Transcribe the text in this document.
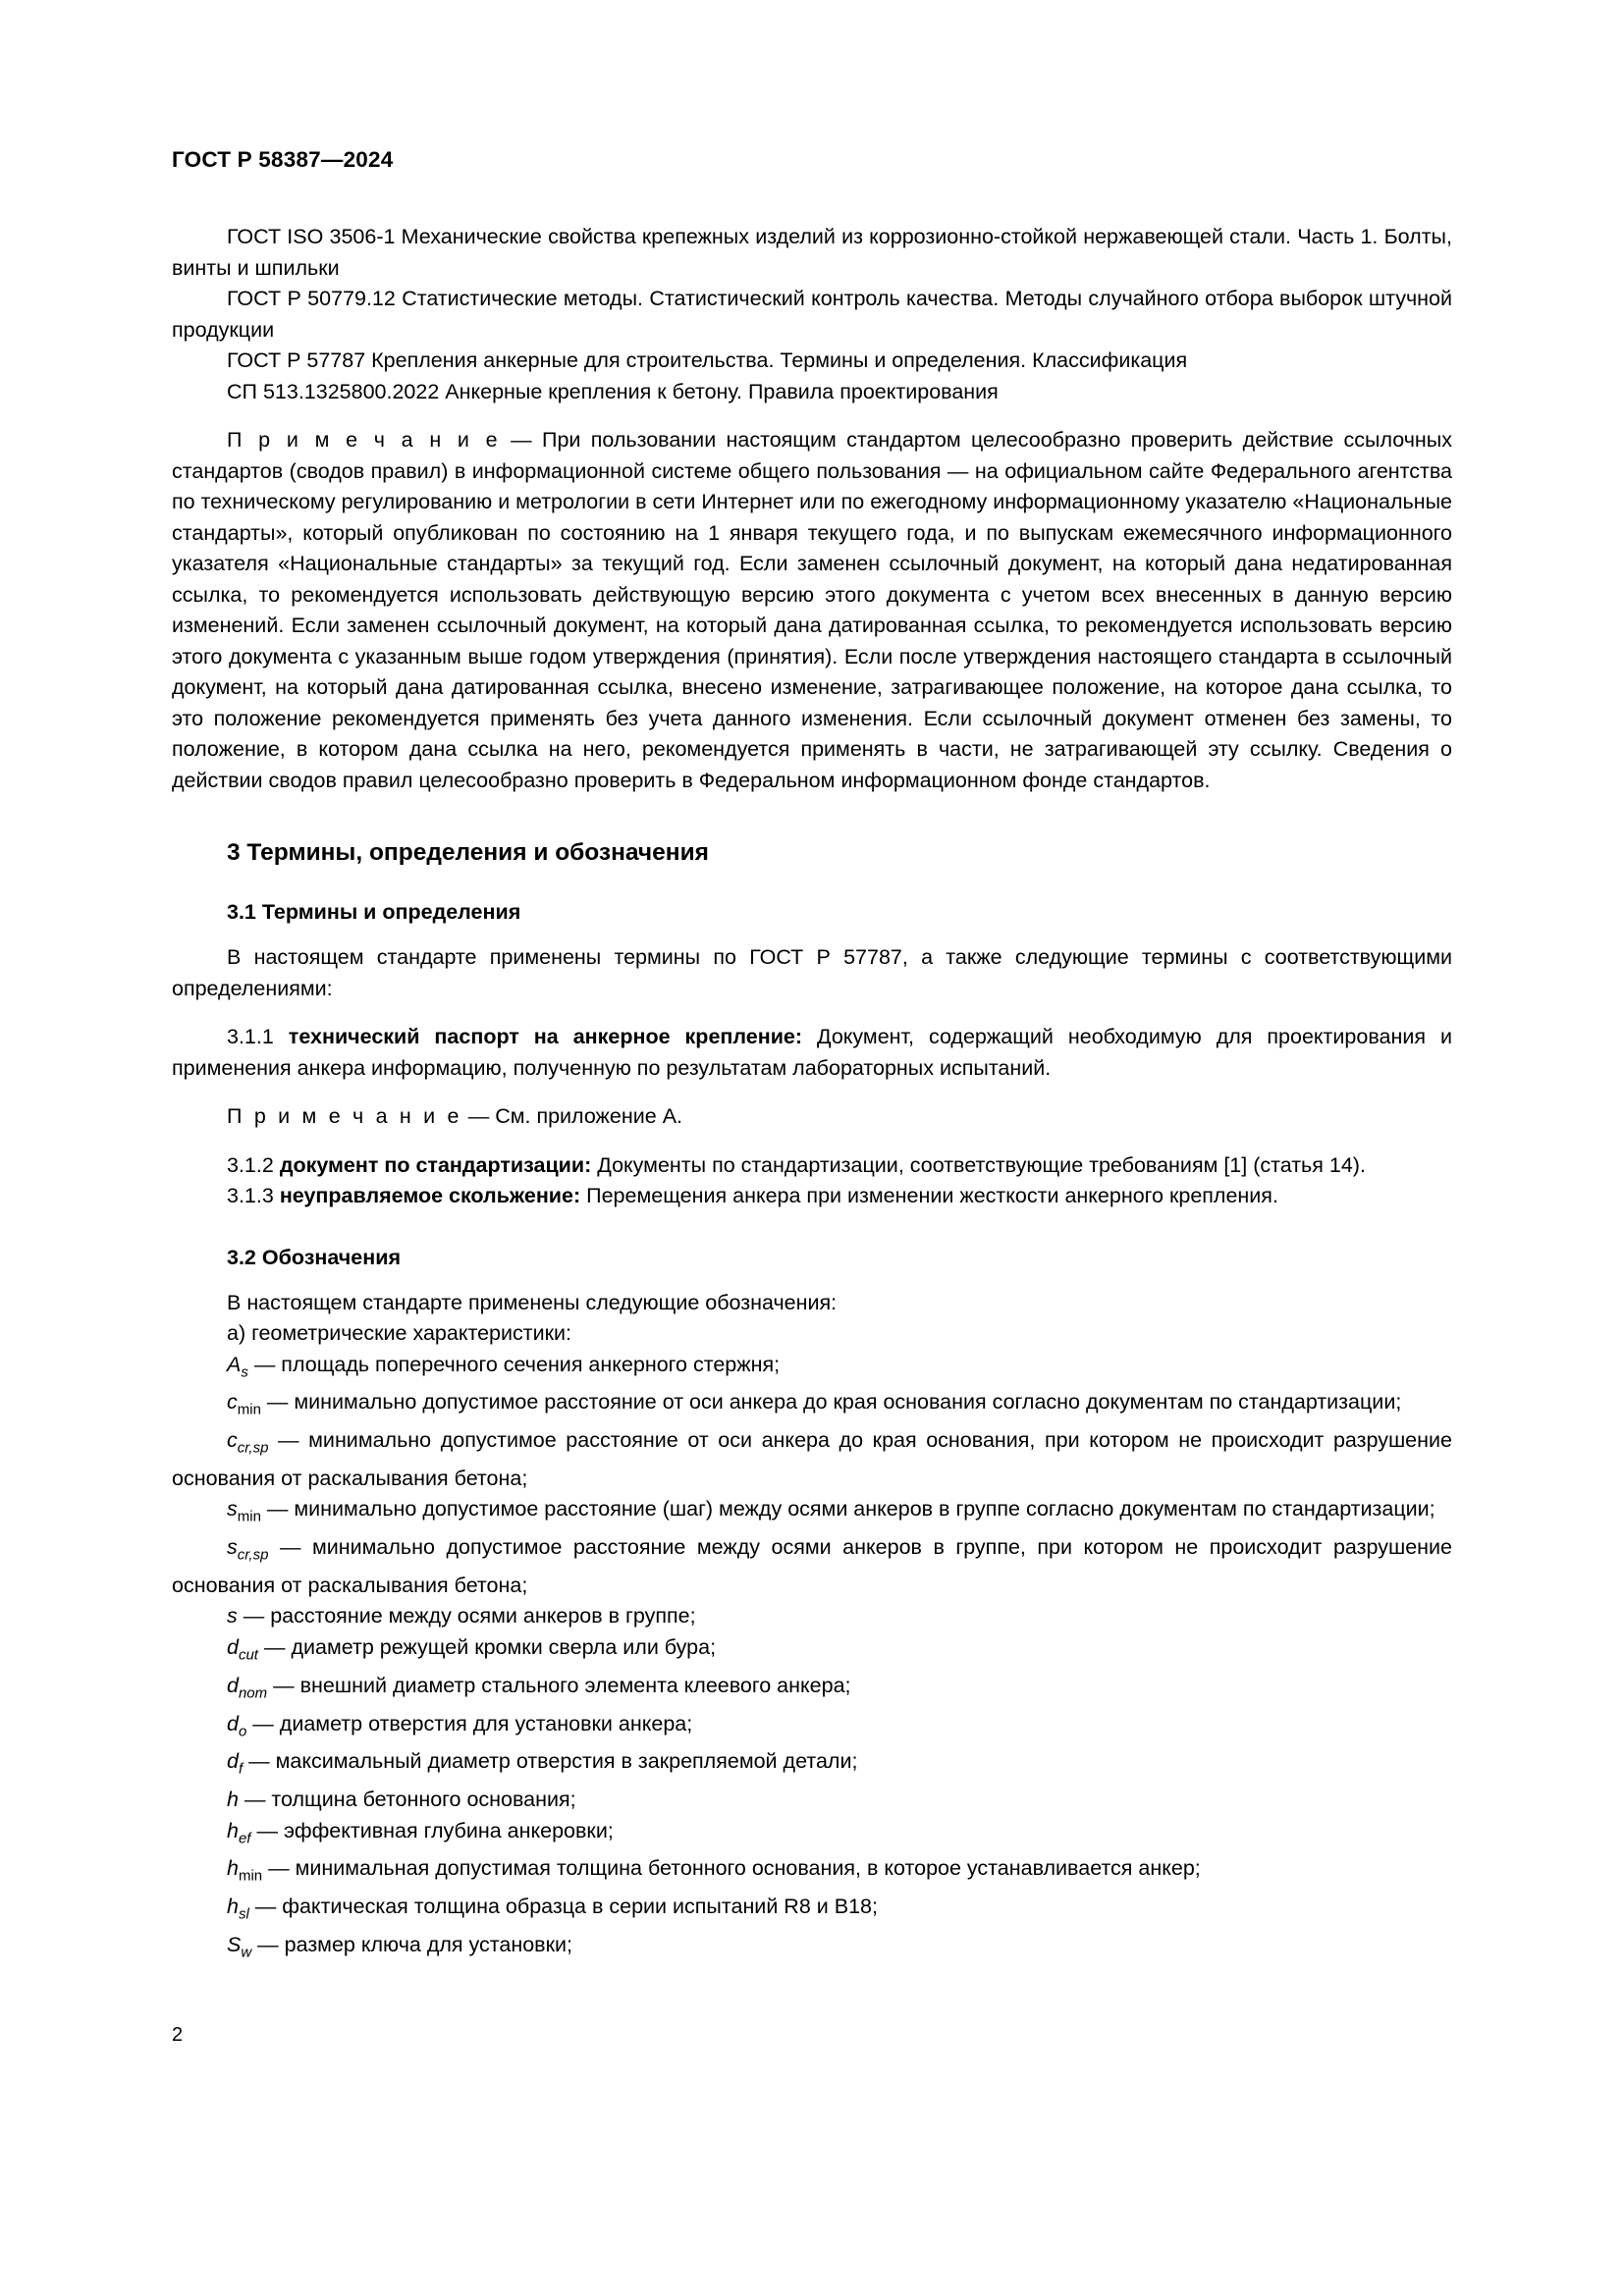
ГОСТ Р 58387—2024

ГОСТ ISO 3506-1 Механические свойства крепежных изделий из коррозионно-стойкой нержавеющей стали. Часть 1. Болты, винты и шпильки

ГОСТ Р 50779.12 Статистические методы. Статистический контроль качества. Методы случайного отбора выборок штучной продукции

ГОСТ Р 57787 Крепления анкерные для строительства. Термины и определения. Классификация

СП 513.1325800.2022 Анкерные крепления к бетону. Правила проектирования

П р и м е ч а н и е — При пользовании настоящим стандартом целесообразно проверить действие ссылочных стандартов (сводов правил) в информационной системе общего пользования — на официальном сайте Федерального агентства по техническому регулированию и метрологии в сети Интернет или по ежегодному информационному указателю «Национальные стандарты», который опубликован по состоянию на 1 января текущего года, и по выпускам ежемесячного информационного указателя «Национальные стандарты» за текущий год. Если заменен ссылочный документ, на который дана недатированная ссылка, то рекомендуется использовать действующую версию этого документа с учетом всех внесенных в данную версию изменений. Если заменен ссылочный документ, на который дана датированная ссылка, то рекомендуется использовать версию этого документа с указанным выше годом утверждения (принятия). Если после утверждения настоящего стандарта в ссылочный документ, на который дана датированная ссылка, внесено изменение, затрагивающее положение, на которое дана ссылка, то это положение рекомендуется применять без учета данного изменения. Если ссылочный документ отменен без замены, то положение, в котором дана ссылка на него, рекомендуется применять в части, не затрагивающей эту ссылку. Сведения о действии сводов правил целесообразно проверить в Федеральном информационном фонде стандартов.

3 Термины, определения и обозначения
3.1 Термины и определения

В настоящем стандарте применены термины по ГОСТ Р 57787, а также следующие термины с соответствующими определениями:

3.1.1 технический паспорт на анкерное крепление: Документ, содержащий необходимую для проектирования и применения анкера информацию, полученную по результатам лабораторных испытаний.

П р и м е ч а н и е — См. приложение А.

3.1.2 документ по стандартизации: Документы по стандартизации, соответствующие требованиям [1] (статья 14).

3.1.3 неуправляемое скольжение: Перемещения анкера при изменении жесткости анкерного крепления.

3.2 Обозначения

В настоящем стандарте применены следующие обозначения:

а) геометрические характеристики:

$A_s$ — площадь поперечного сечения анкерного стержня;

$c_{min}$ — минимально допустимое расстояние от оси анкера до края основания согласно документам по стандартизации;

$c_{cr,sp}$ — минимально допустимое расстояние от оси анкера до края основания, при котором не происходит разрушение основания от раскалывания бетона;

$s_{min}$ — минимально допустимое расстояние (шаг) между осями анкеров в группе согласно документам по стандартизации;

$s_{cr,sp}$ — минимально допустимое расстояние между осями анкеров в группе, при котором не происходит разрушение основания от раскалывания бетона;

s — расстояние между осями анкеров в группе;

$d_{cut}$ — диаметр режущей кромки сверла или бура;

$d_{nom}$ — внешний диаметр стального элемента клеевого анкера;

$d_o$ — диаметр отверстия для установки анкера;

$d_f$ — максимальный диаметр отверстия в закрепляемой детали;

h — толщина бетонного основания;

$h_{ef}$ — эффективная глубина анкеровки;

$h_{min}$ — минимальная допустимая толщина бетонного основания, в которое устанавливается анкер;

$h_{sl}$ — фактическая толщина образца в серии испытаний R8 и B18;

$S_w$ — размер ключа для установки;

2
